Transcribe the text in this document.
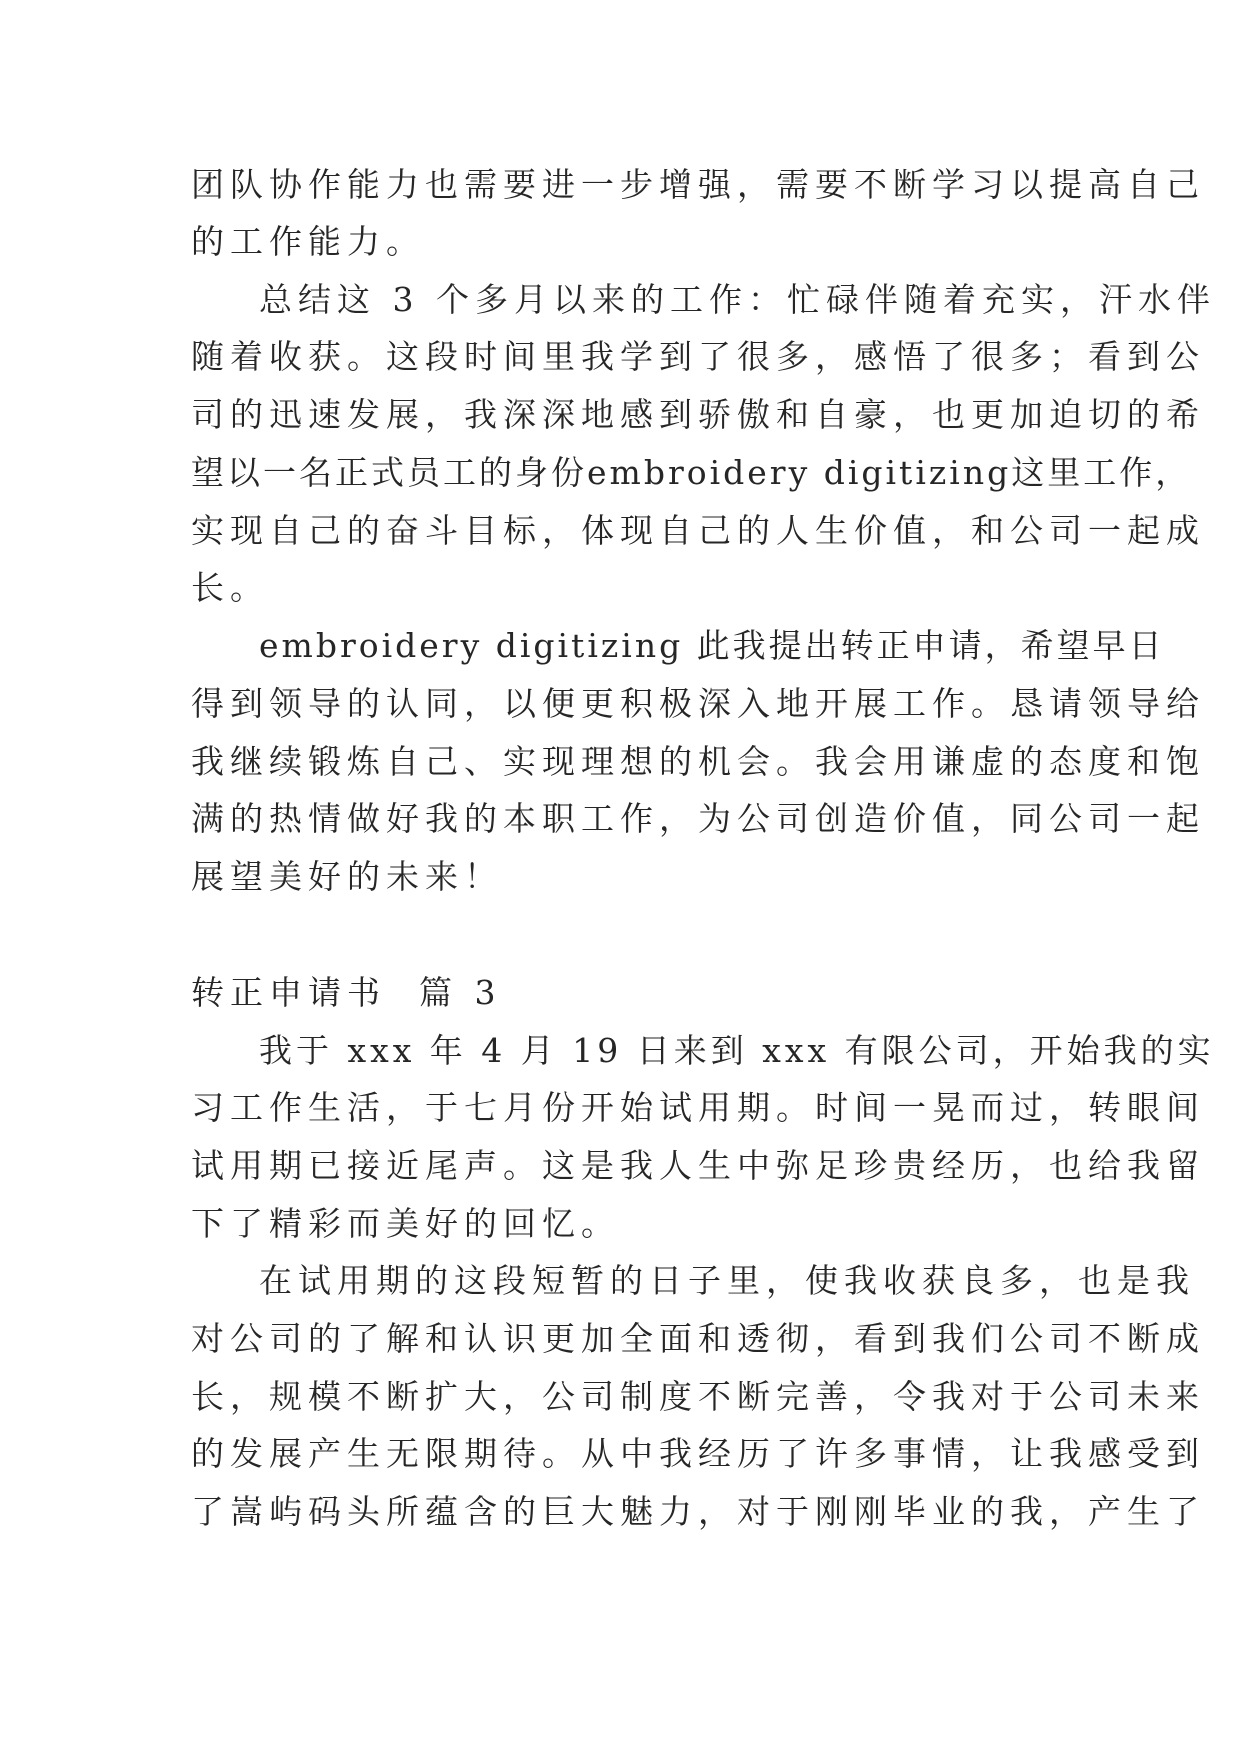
团队协作能力也需要进一步增强，需要不断学习以提高自己
的工作能力。
总结这 3 个多月以来的工作：忙碌伴随着充实，汗水伴
随着收获。这段时间里我学到了很多，感悟了很多；看到公
司的迅速发展，我深深地感到骄傲和自豪，也更加迫切的希
望以一名正式员工的身份embroidery digitizing这里工作，
实现自己的奋斗目标，体现自己的人生价值，和公司一起成
长。
embroidery digitizing 此我提出转正申请，希望早日
得到领导的认同，以便更积极深入地开展工作。恳请领导给
我继续锻炼自己、实现理想的机会。我会用谦虚的态度和饱
满的热情做好我的本职工作，为公司创造价值，同公司一起
展望美好的未来！
转正申请书  篇 3
我于 xxx 年 4 月 19 日来到 xxx 有限公司，开始我的实
习工作生活，于七月份开始试用期。时间一晃而过，转眼间
试用期已接近尾声。这是我人生中弥足珍贵经历，也给我留
下了精彩而美好的回忆。
在试用期的这段短暂的日子里，使我收获良多，也是我
对公司的了解和认识更加全面和透彻，看到我们公司不断成
长，规模不断扩大，公司制度不断完善，令我对于公司未来
的发展产生无限期待。从中我经历了许多事情，让我感受到
了嵩屿码头所蕴含的巨大魅力，对于刚刚毕业的我，产生了
